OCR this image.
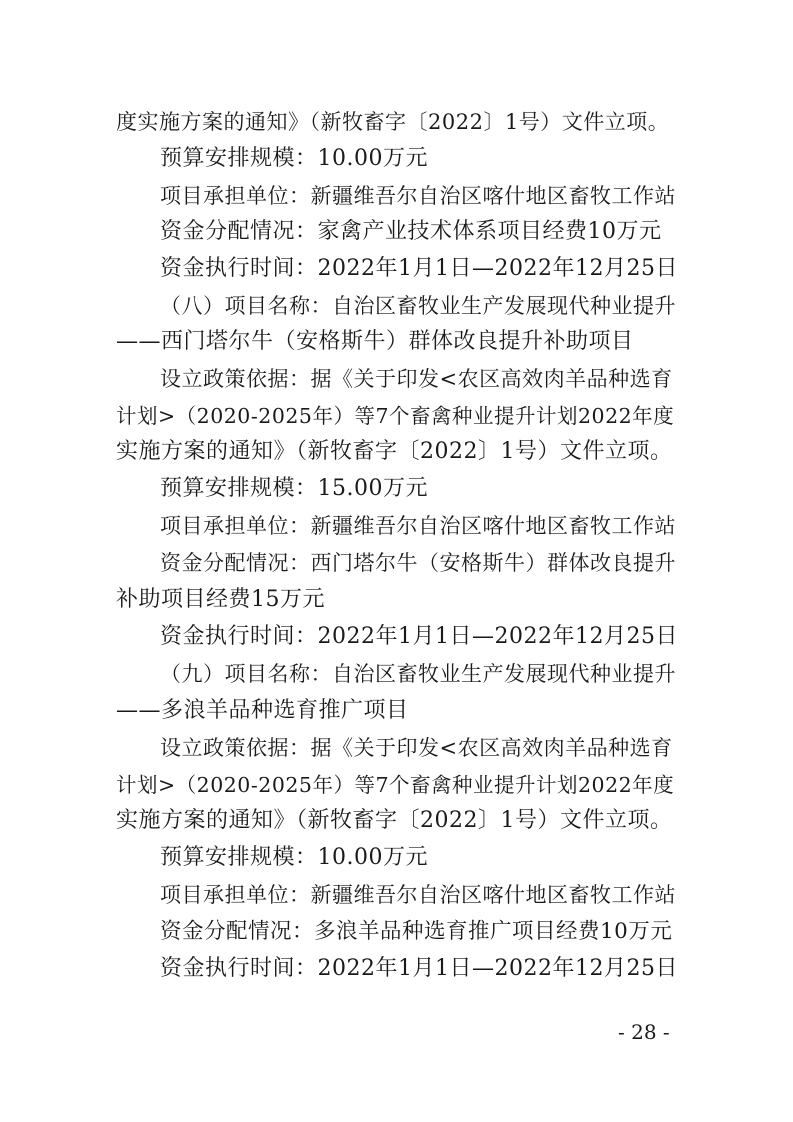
度实施方案的通知》（新牧畜字〔2022〕1号）文件立项。
预算安排规模：10.00万元
项目承担单位：新疆维吾尔自治区喀什地区畜牧工作站
资金分配情况：家禽产业技术体系项目经费10万元
资金执行时间：2022年1月1日—2022年12月25日
（八）项目名称：自治区畜牧业生产发展现代种业提升
——西门塔尔牛（安格斯牛）群体改良提升补助项目
设立政策依据：据《关于印发<农区高效肉羊品种选育
计划>（2020-2025年）等7个畜禽种业提升计划2022年度
实施方案的通知》（新牧畜字〔2022〕1号）文件立项。
预算安排规模：15.00万元
项目承担单位：新疆维吾尔自治区喀什地区畜牧工作站
资金分配情况：西门塔尔牛（安格斯牛）群体改良提升
补助项目经费15万元
资金执行时间：2022年1月1日—2022年12月25日
（九）项目名称：自治区畜牧业生产发展现代种业提升
——多浪羊品种选育推广项目
设立政策依据：据《关于印发<农区高效肉羊品种选育
计划>（2020-2025年）等7个畜禽种业提升计划2022年度
实施方案的通知》（新牧畜字〔2022〕1号）文件立项。
预算安排规模：10.00万元
项目承担单位：新疆维吾尔自治区喀什地区畜牧工作站
资金分配情况：多浪羊品种选育推广项目经费10万元
资金执行时间：2022年1月1日—2022年12月25日
- 28 -
